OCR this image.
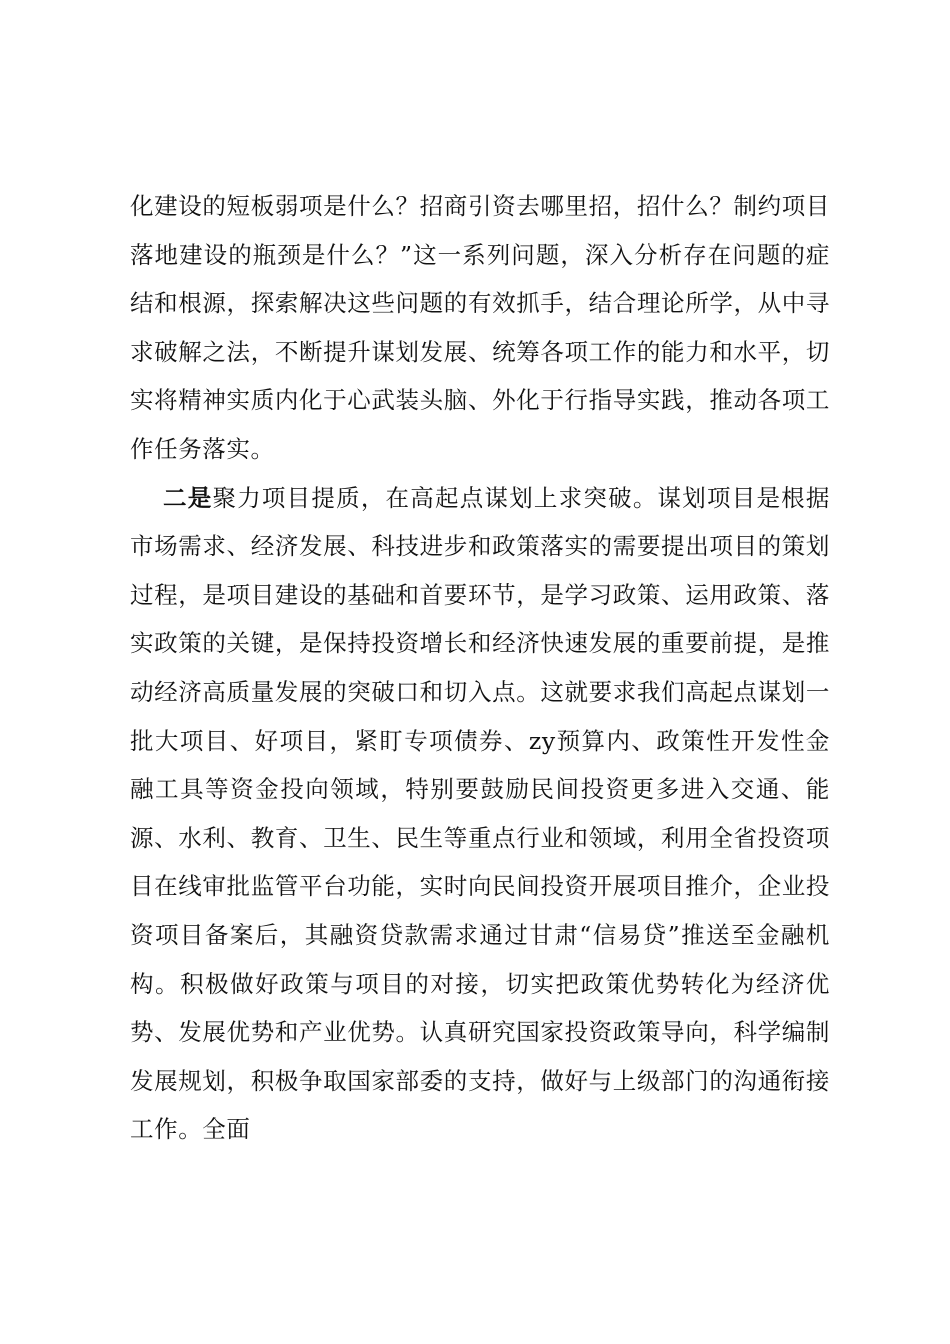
化建设的短板弱项是什么？招商引资去哪里招，招什么？制约项目落地建设的瓶颈是什么？”这一系列问题，深入分析存在问题的症结和根源，探索解决这些问题的有效抓手，结合理论所学，从中寻求破解之法，不断提升谋划发展、统筹各项工作的能力和水平，切实将精神实质内化于心武装头脑、外化于行指导实践，推动各项工作任务落实。

二是聚力项目提质，在高起点谋划上求突破。谋划项目是根据市场需求、经济发展、科技进步和政策落实的需要提出项目的策划过程，是项目建设的基础和首要环节，是学习政策、运用政策、落实政策的关键，是保持投资增长和经济快速发展的重要前提，是推动经济高质量发展的突破口和切入点。这就要求我们高起点谋划一批大项目、好项目，紧盯专项债券、zy预算内、政策性开发性金融工具等资金投向领域，特别要鼓励民间投资更多进入交通、能源、水利、教育、卫生、民生等重点行业和领域，利用全省投资项目在线审批监管平台功能，实时向民间投资开展项目推介，企业投资项目备案后，其融资贷款需求通过甘肃“信易贷”推送至金融机构。积极做好政策与项目的对接，切实把政策优势转化为经济优势、发展优势和产业优势。认真研究国家投资政策导向，科学编制发展规划，积极争取国家部委的支持，做好与上级部门的沟通衔接工作。全面
